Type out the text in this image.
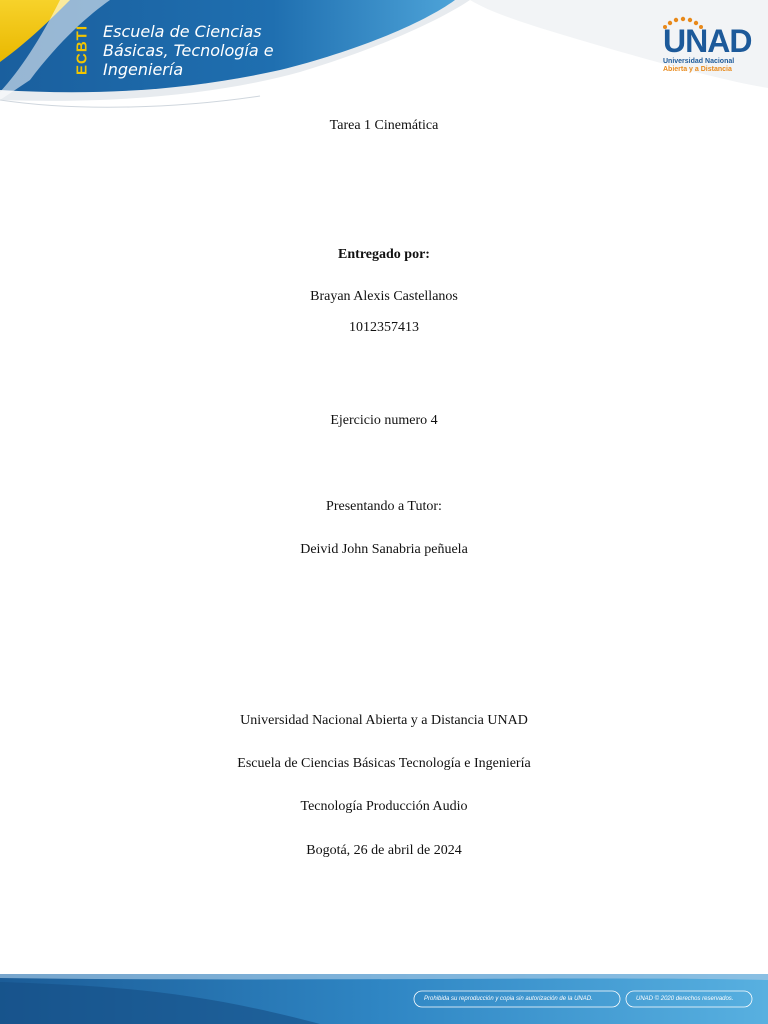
ECBTI Escuela de Ciencias
Básicas, Tecnología e
Ingeniería
UNAD
Universidad Nacional
Abierta y a Distancia

Tarea 1 Cinemática

Entregado por:

Brayan Alexis Castellanos

1012357413

Ejercicio numero 4

Presentando a Tutor:

Deivid John Sanabria peñuela

Universidad Nacional Abierta y a Distancia UNAD

Escuela de Ciencias Básicas Tecnología e Ingeniería

Tecnología Producción Audio

Bogotá, 26 de abril de 2024

Prohibida su reproducción y copia sin autorización de la UNAD.	UNAD © 2020 derechos reservados.
